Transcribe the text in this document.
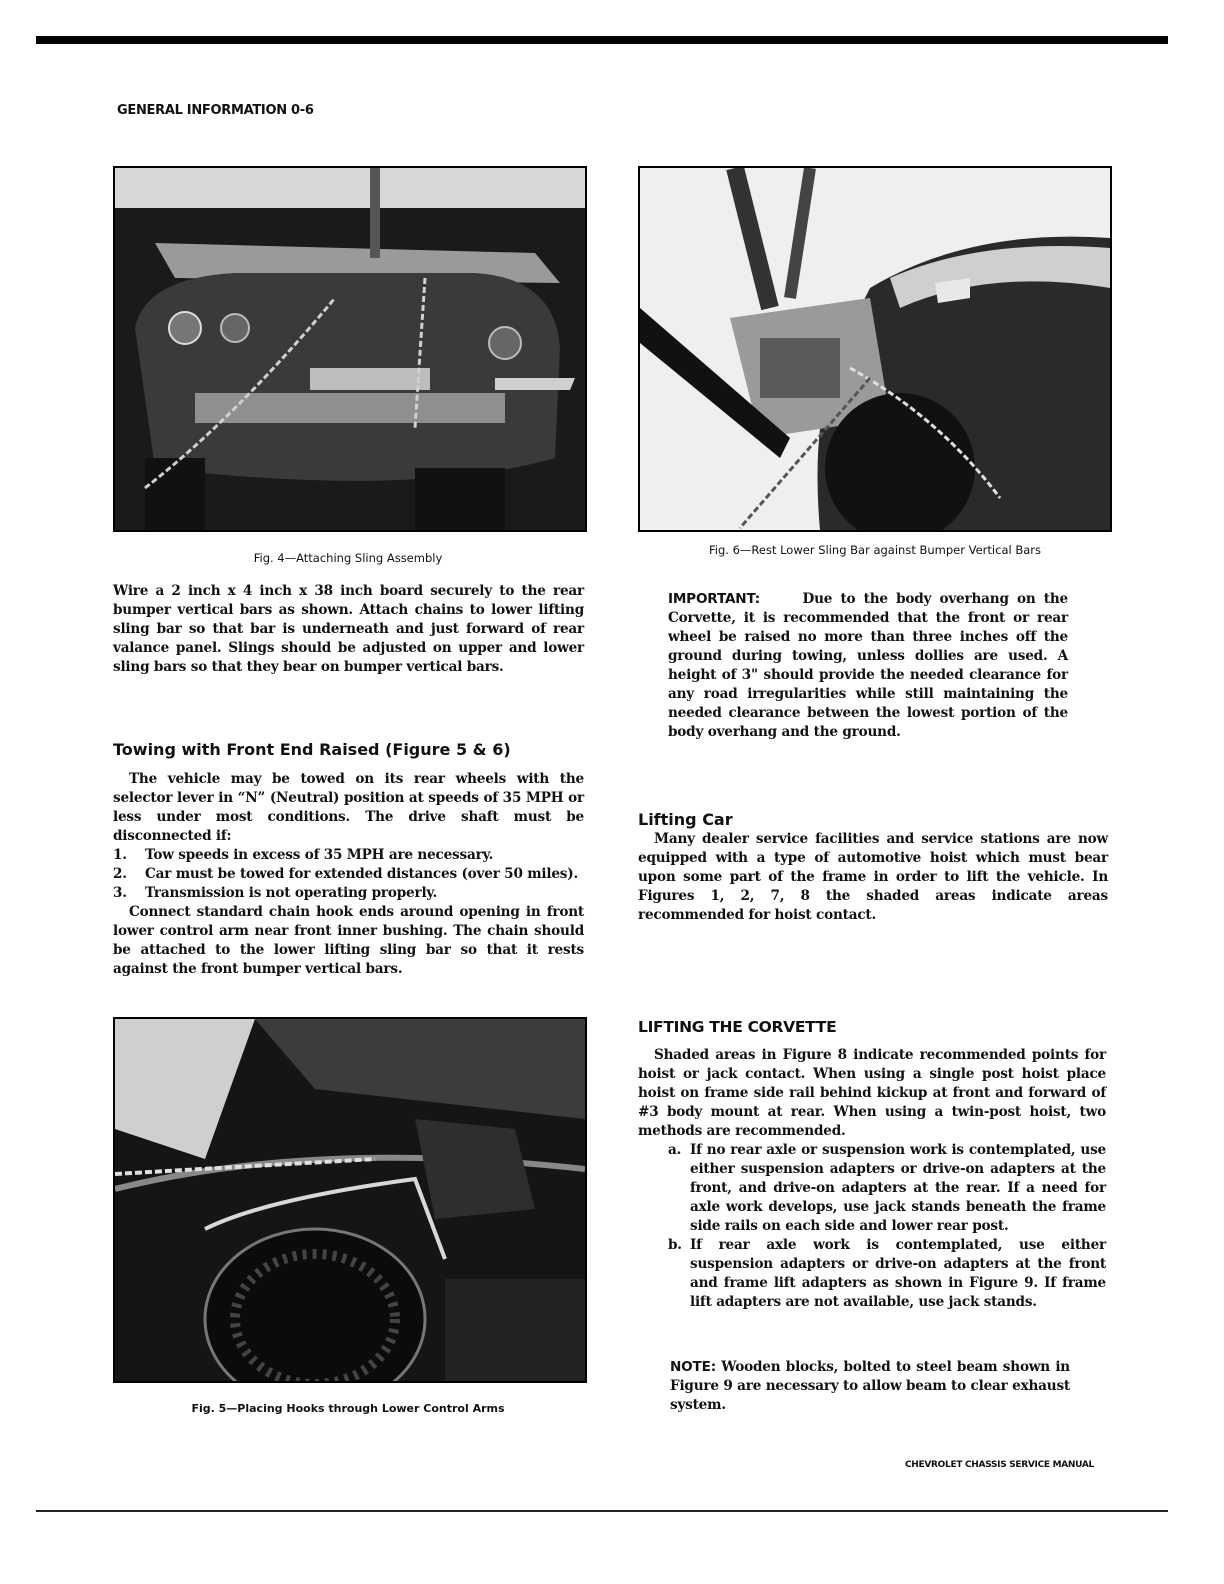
GENERAL INFORMATION 0-6
Fig. 4—Attaching Sling Assembly
Fig. 6—Rest Lower Sling Bar against Bumper Vertical Bars

Wire a 2 inch x 4 inch x 38 inch board securely to the rear bumper vertical bars as shown. Attach chains to lower lifting sling bar so that bar is underneath and just forward of rear valance panel. Slings should be adjusted on upper and lower sling bars so that they bear on bumper vertical bars.

Towing with Front End Raised (Figure 5 & 6)

The vehicle may be towed on its rear wheels with the selector lever in “N” (Neutral) position at speeds of 35 MPH or less under most conditions. The drive shaft must be disconnected if:

1.	Tow speeds in excess of 35 MPH are necessary.
2.	Car must be towed for extended distances (over 50 miles).
3.	Transmission is not operating properly.

Connect standard chain hook ends around opening in front lower control arm near front inner bushing. The chain should be attached to the lower lifting sling bar so that it rests against the front bumper vertical bars.

Fig. 5—Placing Hooks through Lower Control Arms

IMPORTANT:	Due to the body overhang on the Corvette, it is recommended that the front or rear wheel be raised no more than three inches off the ground during towing, unless dollies are used. A height of 3" should provide the needed clearance for any road irregularities while still maintaining the needed clearance between the lowest portion of the body overhang and the ground.

Lifting Car

Many dealer service facilities and service stations are now equipped with a type of automotive hoist which must bear upon some part of the frame in order to lift the vehicle. In Figures 1, 2, 7, 8 the shaded areas indicate areas recommended for hoist contact.

LIFTING THE CORVETTE

Shaded areas in Figure 8 indicate recommended points for hoist or jack contact. When using a single post hoist place hoist on frame side rail behind kickup at front and forward of #3 body mount at rear. When using a twin-post hoist, two methods are recommended.

a. If no rear axle or suspension work is contemplated, use either suspension adapters or drive-on adapters at the front, and drive-on adapters at the rear. If a need for axle work develops, use jack stands beneath the frame side rails on each side and lower rear post.
b. If rear axle work is contemplated, use either suspension adapters or drive-on adapters at the front and frame lift adapters as shown in Figure 9. If frame lift adapters are not available, use jack stands.

NOTE: Wooden blocks, bolted to steel beam shown in Figure 9 are necessary to allow beam to clear exhaust system.

CHEVROLET CHASSIS SERVICE MANUAL
